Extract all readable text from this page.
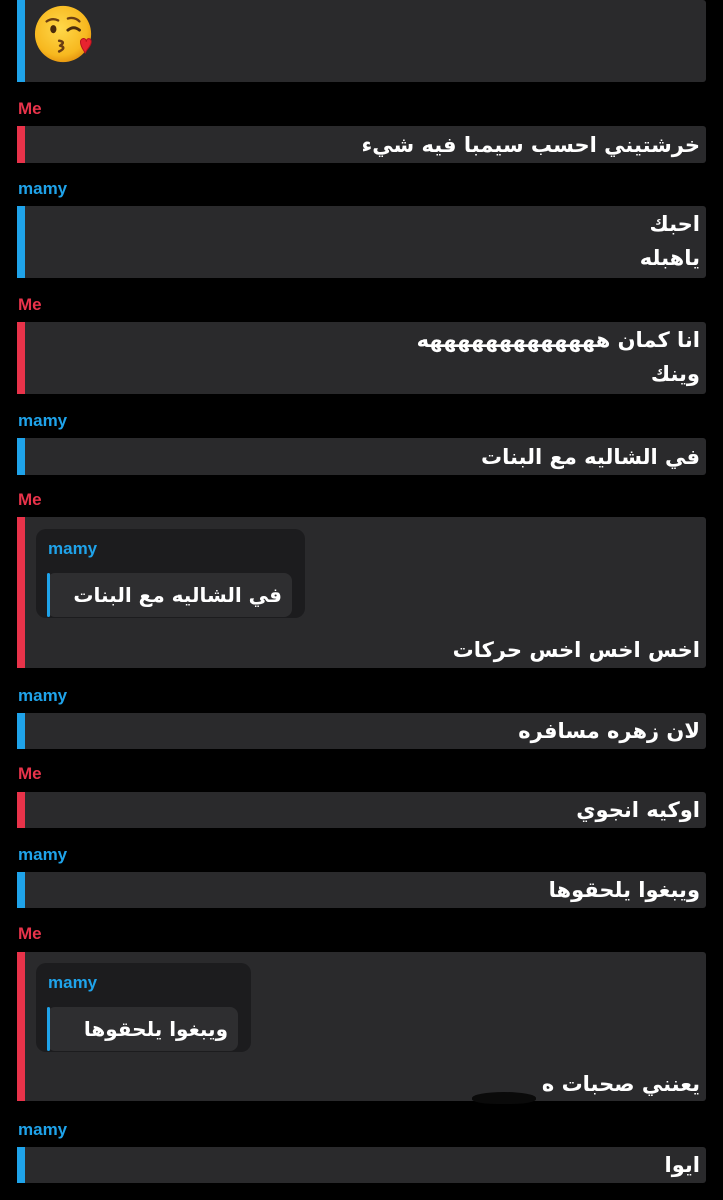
Me
خرشتيني احسب سيمبا فيه شيء
mamy
احبك
ياهبله
Me
انا كمان هههههههههههههه
وينك
mamy
في الشاليه مع البنات
Me
mamy
في الشاليه مع البنات
اخس اخس اخس حركات
mamy
لان زهره مسافره
Me
اوكيه انجوي
mamy
ويبغوا يلحقوها
Me
mamy
ويبغوا يلحقوها
يعنني صحبات ه
mamy
ايوا
